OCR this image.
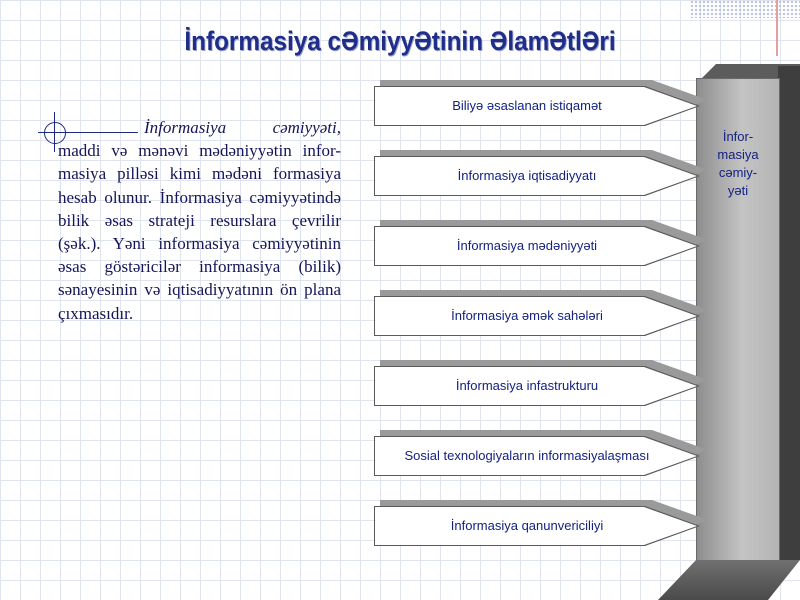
İnformasiya cƏmiyyƏtinin ƏlamƏtlƏri
İnformasiya	cəmiyyəti, maddi və mənəvi mədəniyyətin infor-masiya pilləsi kimi mədəni formasiya hesab olunur. İnformasiya cəmiyyətində bilik əsas strateji resurslara çevrilir (şək.). Yəni informasiya cəmiyyətinin əsas göstəricilər informasiya (bilik) sənayesinin və iqtisadiyyatının ön plana çıxmasıdır.
İnfor-
masiya
cəmiy-
yəti
Biliyə əsaslanan istiqamət
İnformasiya iqtisadiyyatı
İnformasiya mədəniyyəti
İnformasiya əmək sahələri
İnformasiya infastrukturu
Sosial texnologiyaların informasiyalaşması
İnformasiya qanunvericiliyi
